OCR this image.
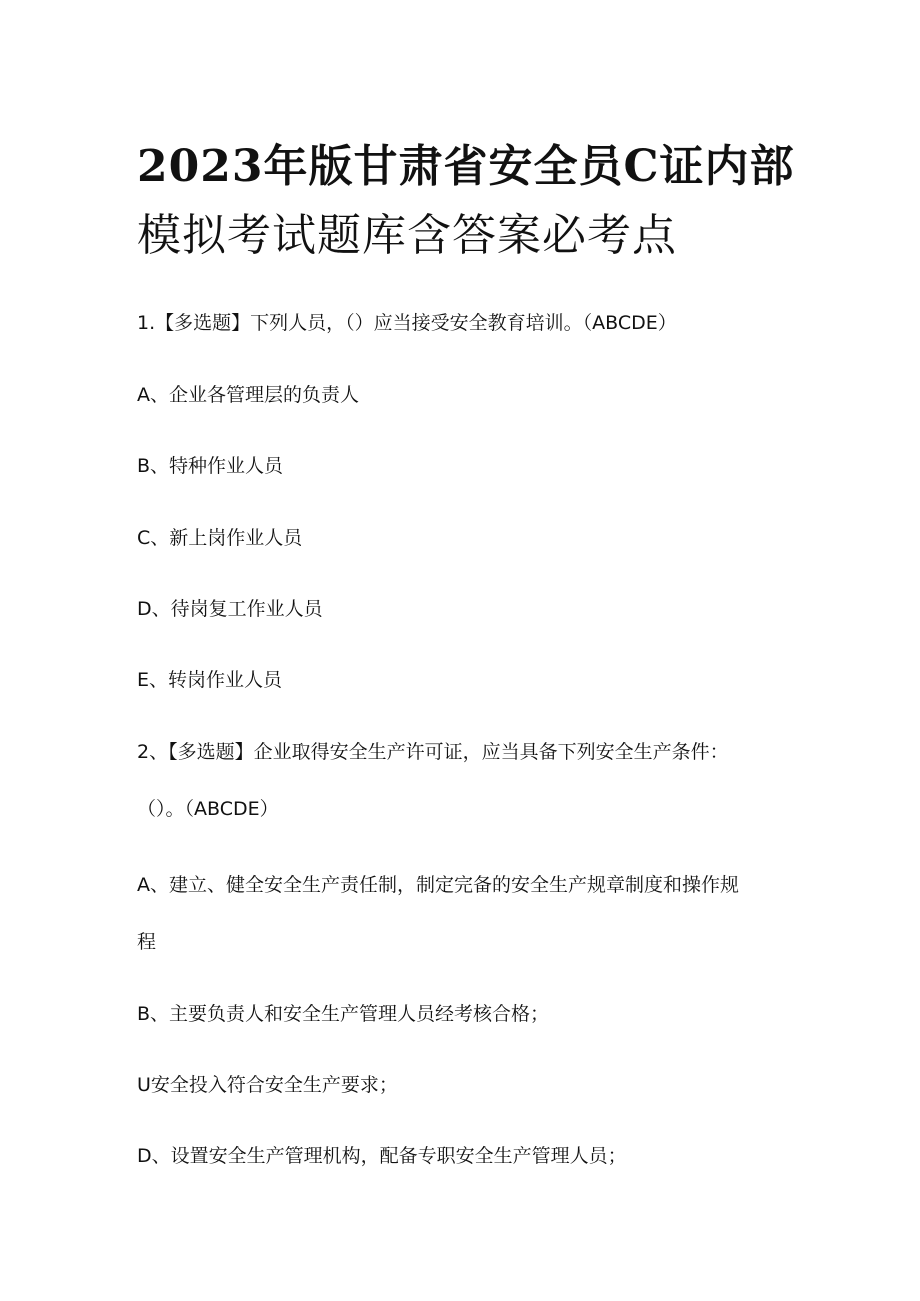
2023年版甘肃省安全员C证内部
模拟考试题库含答案必考点
1.【多选题】下列人员，（）应当接受安全教育培训。（ABCDE）
A、企业各管理层的负责人
B、特种作业人员
C、新上岗作业人员
D、待岗复工作业人员
E、转岗作业人员
2、【多选题】企业取得安全生产许可证，应当具备下列安全生产条件：
（）。（ABCDE）
A、建立、健全安全生产责任制，制定完备的安全生产规章制度和操作规
程
B、主要负责人和安全生产管理人员经考核合格；
U安全投入符合安全生产要求；
D、设置安全生产管理机构，配备专职安全生产管理人员；
